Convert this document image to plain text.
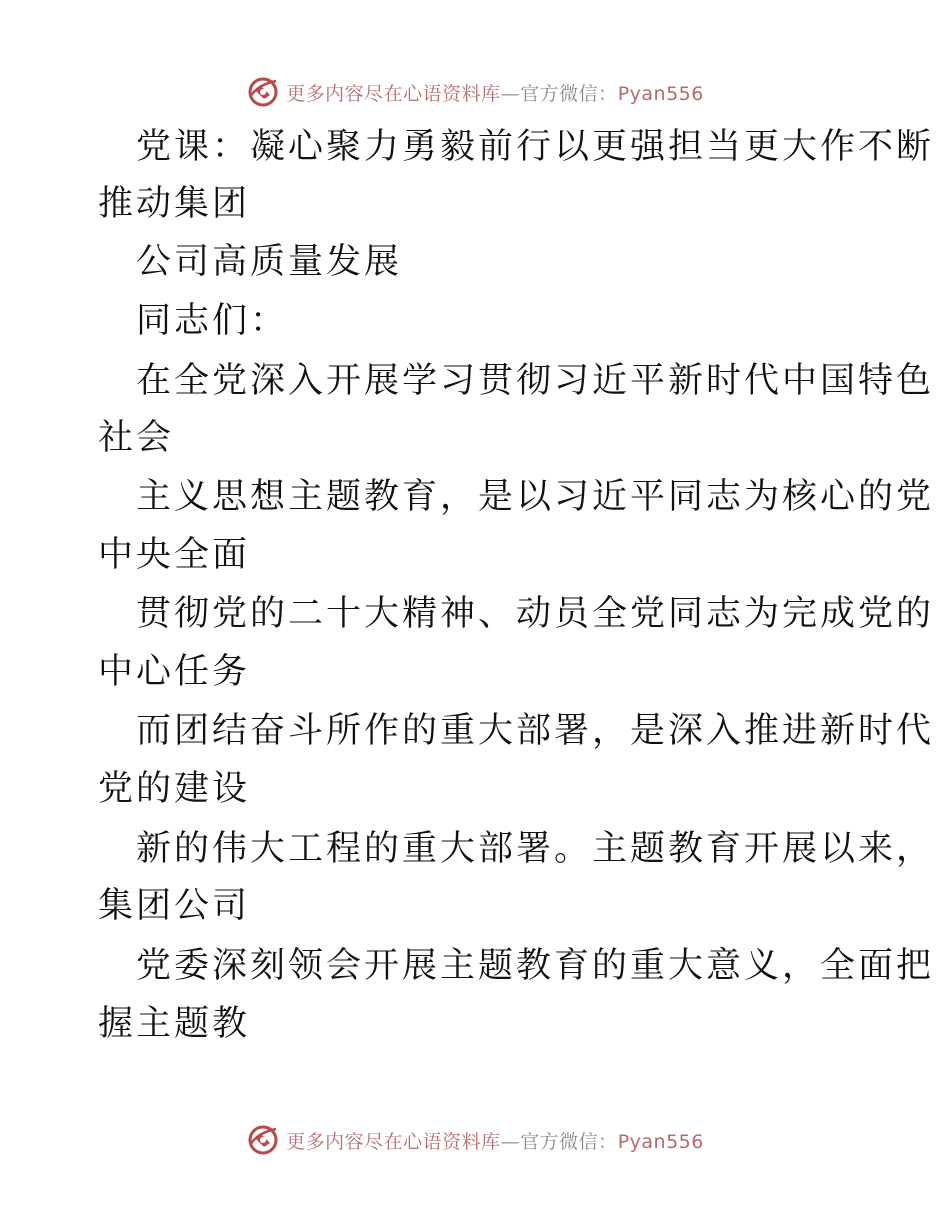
更多内容尽在心语资料库—官方微信：Pyan556
党课：凝心聚力勇毅前行以更强担当更大作不断
推动集团
公司高质量发展
同志们：
在全党深入开展学习贯彻习近平新时代中国特色
社会
主义思想主题教育，是以习近平同志为核心的党
中央全面
贯彻党的二十大精神、动员全党同志为完成党的
中心任务
而团结奋斗所作的重大部署，是深入推进新时代
党的建设
新的伟大工程的重大部署。主题教育开展以来，
集团公司
党委深刻领会开展主题教育的重大意义，全面把
握主题教
更多内容尽在心语资料库—官方微信：Pyan556
